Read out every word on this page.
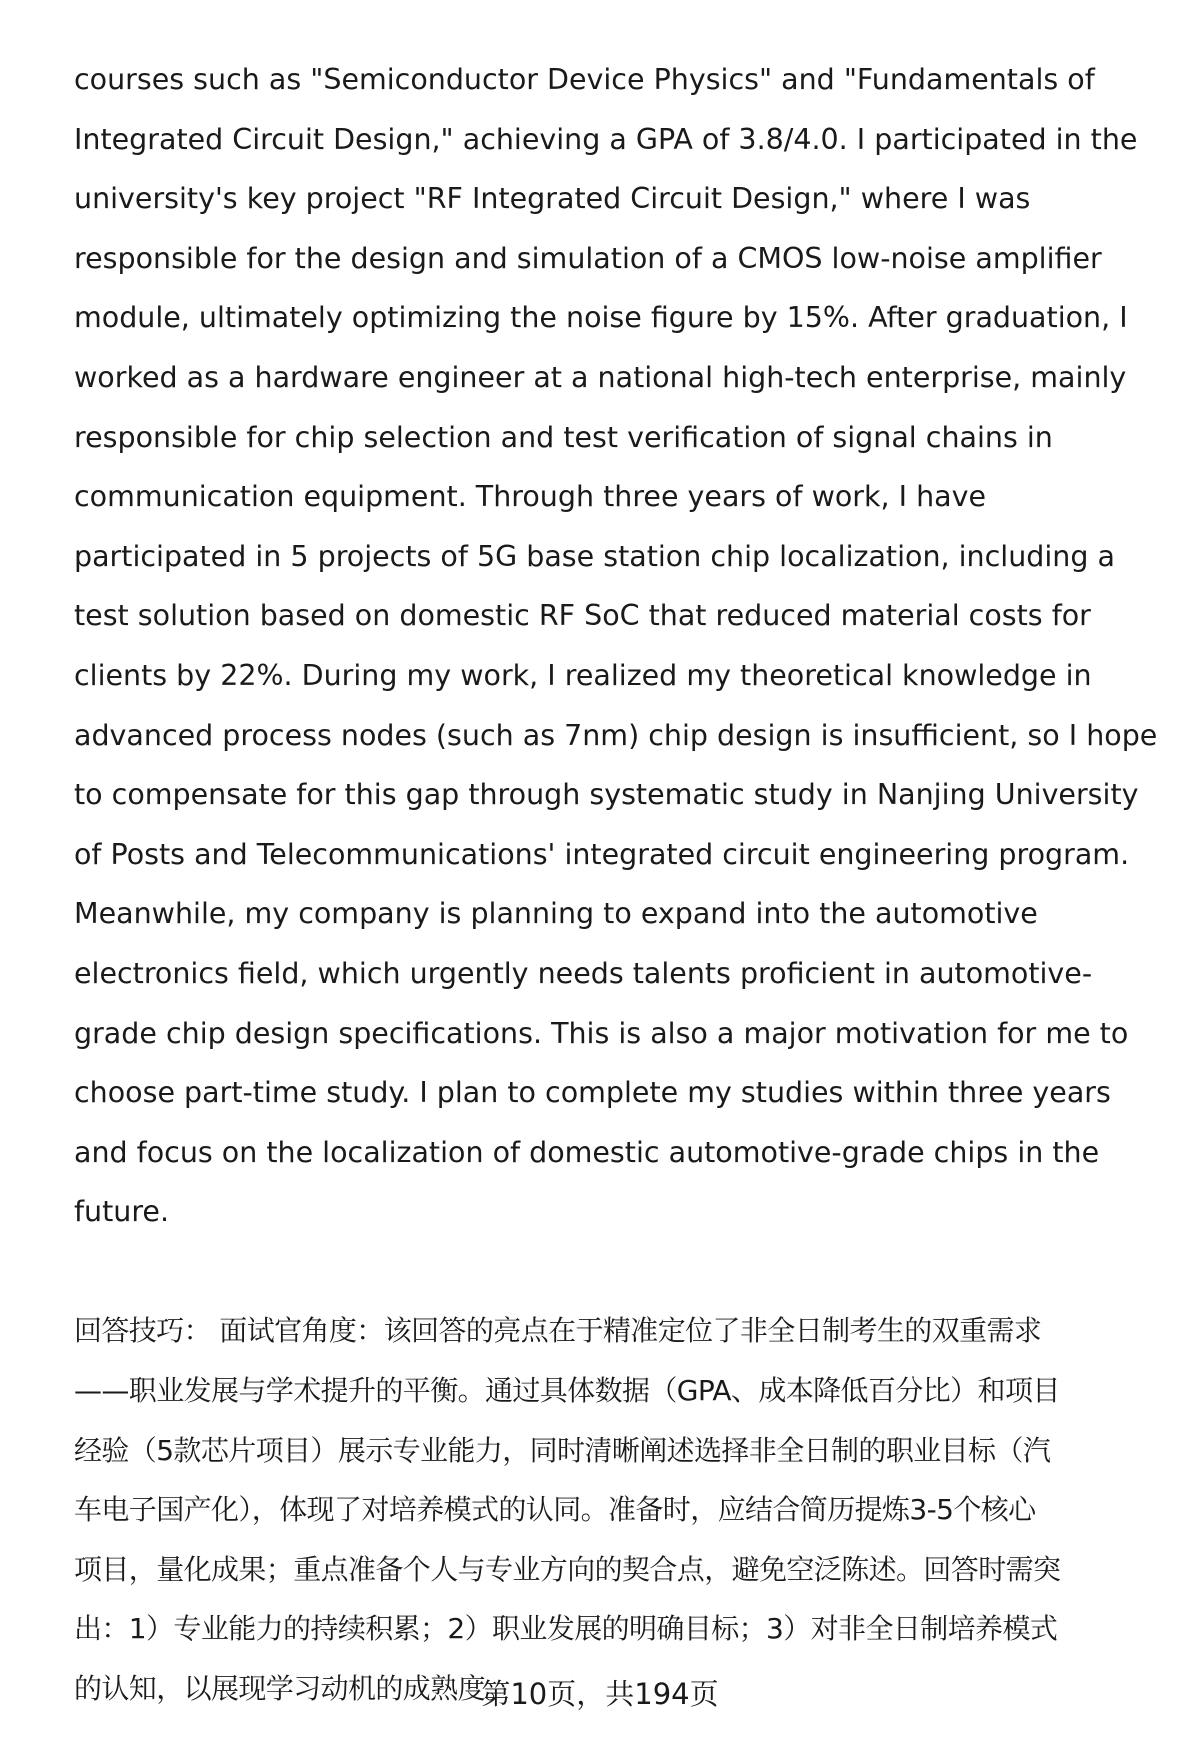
courses such as "Semiconductor Device Physics" and "Fundamentals of
Integrated Circuit Design," achieving a GPA of 3.8/4.0. I participated in the
university's key project "RF Integrated Circuit Design," where I was
responsible for the design and simulation of a CMOS low-noise amplifier
module, ultimately optimizing the noise figure by 15%. After graduation, I
worked as a hardware engineer at a national high-tech enterprise, mainly
responsible for chip selection and test verification of signal chains in
communication equipment. Through three years of work, I have
participated in 5 projects of 5G base station chip localization, including a
test solution based on domestic RF SoC that reduced material costs for
clients by 22%. During my work, I realized my theoretical knowledge in
advanced process nodes (such as 7nm) chip design is insufficient, so I hope
to compensate for this gap through systematic study in Nanjing University
of Posts and Telecommunications' integrated circuit engineering program.
Meanwhile, my company is planning to expand into the automotive
electronics field, which urgently needs talents proficient in automotive-
grade chip design specifications. This is also a major motivation for me to
choose part-time study. I plan to complete my studies within three years
and focus on the localization of domestic automotive-grade chips in the
future.
回答技巧： 面试官角度：该回答的亮点在于精准定位了非全日制考生的双重需求
——职业发展与学术提升的平衡。通过具体数据（GPA、成本降低百分比）和项目
经验（5款芯片项目）展示专业能力，同时清晰阐述选择非全日制的职业目标（汽
车电子国产化），体现了对培养模式的认同。准备时，应结合简历提炼3-5个核心
项目，量化成果；重点准备个人与专业方向的契合点，避免空泛陈述。回答时需突
出：1）专业能力的持续积累；2）职业发展的明确目标；3）对非全日制培养模式
的认知，以展现学习动机的成熟度。
第10页，共194页
